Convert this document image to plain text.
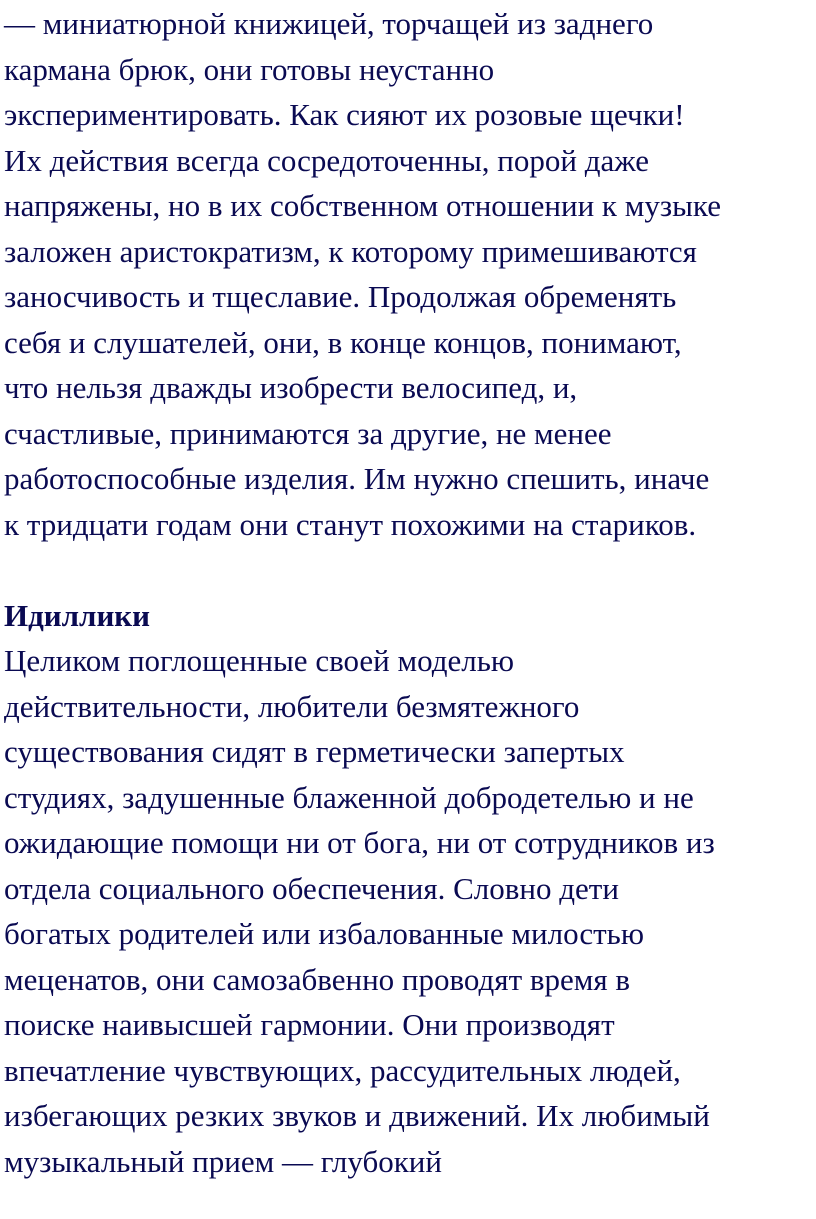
— миниатюрной книжицей, торчащей из заднего
кармана брюк, они готовы неустанно
экспериментировать. Как сияют их розовые щечки!
Их действия всегда сосредоточенны, порой даже
напряжены, но в их собственном отношении к музыке
заложен аристократизм, к которому примешиваются
заносчивость и тщеславие. Продолжая обременять
себя и слушателей, они, в конце концов, понимают,
что нельзя дважды изобрести велосипед, и,
счастливые, принимаются за другие, не менее
работоспособные изделия. Им нужно спешить, иначе
к тридцати годам они станут похожими на стариков.
Идиллики
Целиком поглощенные своей моделью
действительности, любители безмятежного
существования сидят в герметически запертых
студиях, задушенные блаженной добродетелью и не
ожидающие помощи ни от бога, ни от сотрудников из
отдела социального обеспечения. Словно дети
богатых родителей или избалованные милостью
меценатов, они самозабвенно проводят время в
поиске наивысшей гармонии. Они производят
впечатление чувствующих, рассудительных людей,
избегающих резких звуков и движений. Их любимый
музыкальный прием — глубокий
